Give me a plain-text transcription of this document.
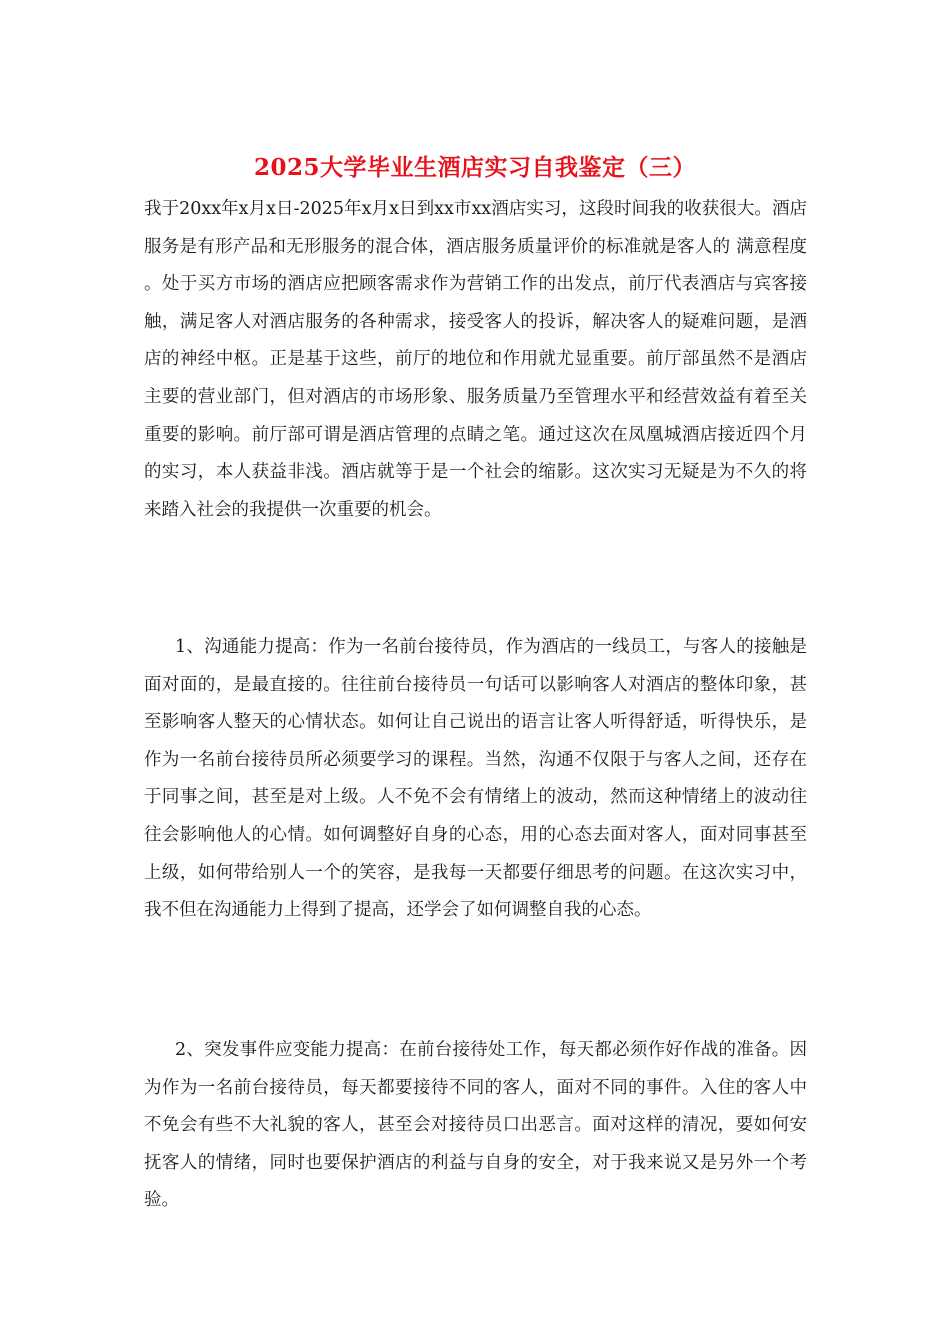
2025大学毕业生酒店实习自我鉴定（三）

我于20xx年x月x日-2025年x月x日到xx市xx酒店实习，这段时间我的收获很大。酒店服务是有形产品和无形服务的混合体，酒店服务质量评价的标准就是客人的 满意程度 。处于买方市场的酒店应把顾客需求作为营销工作的出发点，前厅代表酒店与宾客接触，满足客人对酒店服务的各种需求，接受客人的投诉，解决客人的疑难问题，是酒店的神经中枢。正是基于这些，前厅的地位和作用就尤显重要。前厅部虽然不是酒店主要的营业部门，但对酒店的市场形象、服务质量乃至管理水平和经营效益有着至关重要的影响。前厅部可谓是酒店管理的点睛之笔。通过这次在凤凰城酒店接近四个月的实习，本人获益非浅。酒店就等于是一个社会的缩影。这次实习无疑是为不久的将来踏入社会的我提供一次重要的机会。

1、沟通能力提高：作为一名前台接待员，作为酒店的一线员工，与客人的接触是面对面的，是最直接的。往往前台接待员一句话可以影响客人对酒店的整体印象，甚至影响客人整天的心情状态。如何让自己说出的语言让客人听得舒适，听得快乐，是作为一名前台接待员所必须要学习的课程。当然，沟通不仅限于与客人之间，还存在于同事之间，甚至是对上级。人不免不会有情绪上的波动，然而这种情绪上的波动往往会影响他人的心情。如何调整好自身的心态，用的心态去面对客人，面对同事甚至上级，如何带给别人一个的笑容，是我每一天都要仔细思考的问题。在这次实习中，我不但在沟通能力上得到了提高，还学会了如何调整自我的心态。

2、突发事件应变能力提高：在前台接待处工作，每天都必须作好作战的准备。因为作为一名前台接待员，每天都要接待不同的客人，面对不同的事件。入住的客人中不免会有些不大礼貌的客人，甚至会对接待员口出恶言。面对这样的清况，要如何安抚客人的情绪，同时也要保护酒店的利益与自身的安全，对于我来说又是另外一个考验。
